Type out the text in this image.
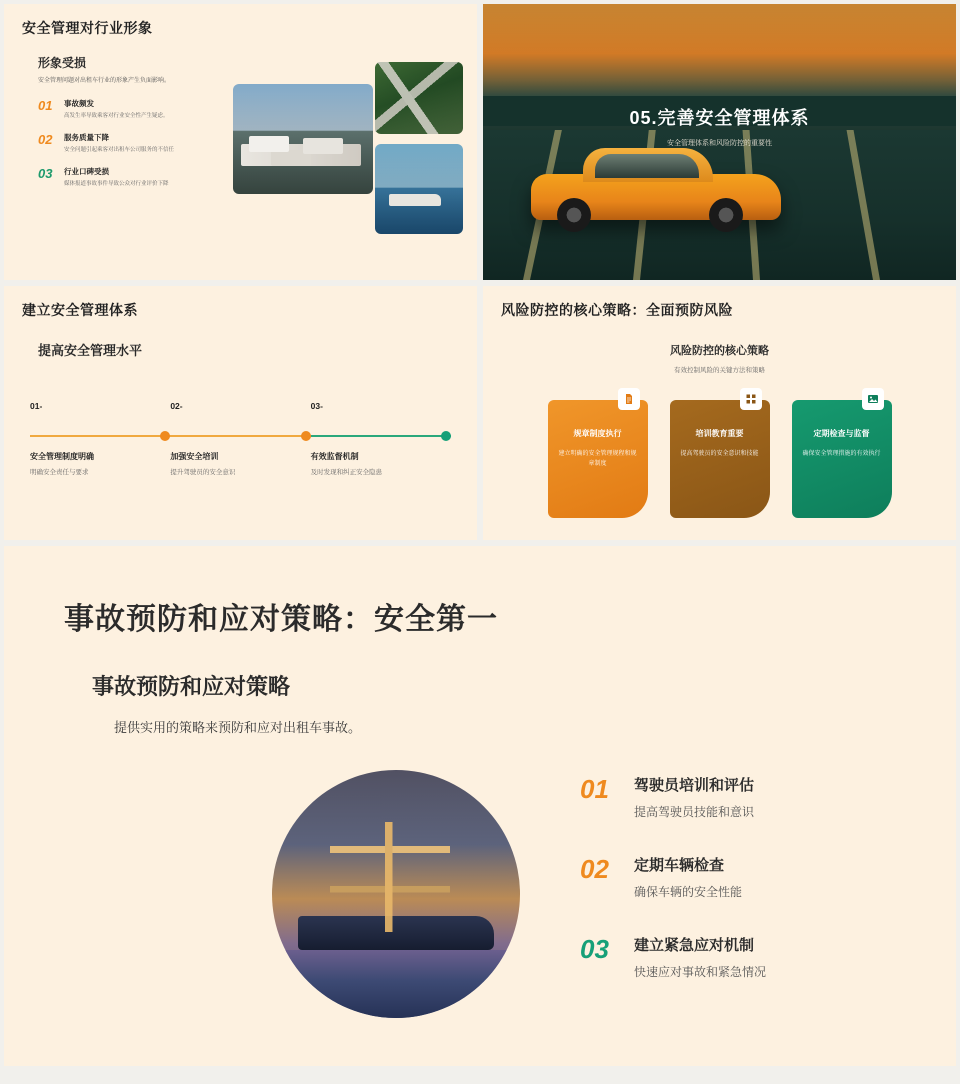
安全管理对行业形象
形象受损
安全管理问题对出租车行业的形象产生负面影响。
01	事故频发
高发生率导致乘客对行业安全性产生疑虑。
02	服务质量下降
安全问题引起乘客对出租车公司服务的不信任
03	行业口碑受损
媒体报道事故事件导致公众对行业评价下降
05.完善安全管理体系

安全管理体系和风险防控的重要性

建立安全管理体系
提高安全管理水平
01-
安全管理制度明确
明确安全责任与要求
02-
加强安全培训
提升驾驶员的安全意识
03-
有效监督机制
及时发现和纠正安全隐患
风险防控的核心策略：全面预防风险
风险防控的核心策略
有效控制风险的关键方法和策略
规章制度执行
建立明确的安全管理规程和规章制度
培训教育重要
提高驾驶员的安全意识和技能
定期检查与监督
确保安全管理措施的有效执行
事故预防和应对策略：安全第一
事故预防和应对策略
提供实用的策略来预防和应对出租车事故。
01	驾驶员培训和评估
提高驾驶员技能和意识
02	定期车辆检查
确保车辆的安全性能
03	建立紧急应对机制
快速应对事故和紧急情况
